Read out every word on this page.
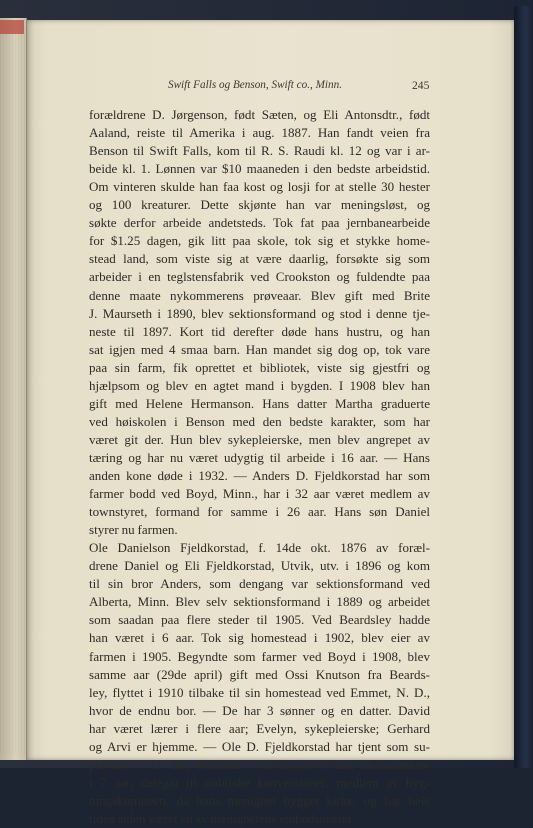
Swift Falls og Benson, Swift co., Minn.	245
forældrene D. Jørgenson, født Sæten, og Eli Antonsdtr., født
Aaland, reiste til Amerika i aug. 1887. Han fandt veien fra
Benson til Swift Falls, kom til R. S. Raudi kl. 12 og var i ar-
beide kl. 1. Lønnen var $10 maaneden i den bedste arbeidstid.
Om vinteren skulde han faa kost og losji for at stelle 30 hester
og 100 kreaturer. Dette skjønte han var meningsløst, og
søkte derfor arbeide andetsteds. Tok fat paa jernbanearbeide
for $1.25 dagen, gik litt paa skole, tok sig et stykke home-
stead land, som viste sig at være daarlig, forsøkte sig som
arbeider i en teglstensfabrik ved Crookston og fuldendte paa
denne maate nykommerens prøveaar. Blev gift med Brite
J. Maurseth i 1890, blev sektionsformand og stod i denne tje-
neste til 1897. Kort tid derefter døde hans hustru, og han
sat igjen med 4 smaa barn. Han mandet sig dog op, tok vare
paa sin farm, fik oprettet et bibliotek, viste sig gjestfri og
hjælpsom og blev en agtet mand i bygden. I 1908 blev han
gift med Helene Hermanson. Hans datter Martha graduerte
ved høiskolen i Benson med den bedste karakter, som har
været git der. Hun blev sykepleierske, men blev angrepet av
tæring og har nu været udygtig til arbeide i 16 aar. — Hans
anden kone døde i 1932. — Anders D. Fjeldkorstad har som
farmer bodd ved Boyd, Minn., har i 32 aar været medlem av
townstyret, formand for samme i 26 aar. Hans søn Daniel
styrer nu farmen.
Ole Danielson Fjeldkorstad, f. 14de okt. 1876 av foræl-
drene Daniel og Eli Fjeldkorstad, Utvik, utv. i 1896 og kom
til sin bror Anders, som dengang var sektionsformand ved
Alberta, Minn. Blev selv sektionsformand i 1889 og arbeidet
som saadan paa flere steder til 1905. Ved Beardsley hadde
han været i 6 aar. Tok sig homestead i 1902, blev eier av
farmen i 1905. Begyndte som farmer ved Boyd i 1908, blev
samme aar (29de april) gift med Ossi Knutson fra Beards-
ley, flyttet i 1910 tilbake til sin homestead ved Emmet, N. D.,
hvor de endnu bor. — De har 3 sønner og en datter. David
har været lærer i flere aar; Evelyn, sykepleierske; Gerhard
og Arvi er hjemme. — Ole D. Fjeldkorstad har tjent som su-
pervisor i 17 aar, formand i townstyret 8 aar, skoledirektør
i 7 aar, delegat til politiske konventioner, medlem av byg-
ningskomiteen, da hans menighet bygget kirke, og har hele
tiden siden været en av menighetens embedsmænd.
